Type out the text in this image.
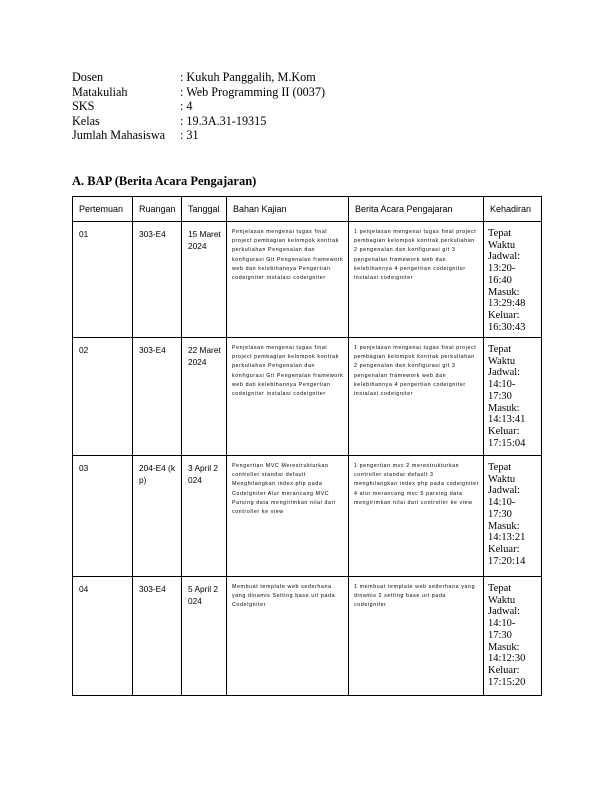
Dosen	: Kukuh Panggalih, M.Kom
Matakuliah	: Web Programming II (0037)
SKS	: 4
Kelas	: 19.3A.31-19315
Jumlah Mahasiswa	: 31
A. BAP (Berita Acara Pengajaran)
Pertemuan	Ruangan	Tanggal	Bahan Kajian	Berita Acara Pengajaran	Kehadiran
01	303-E4	15 Maret 2024	Penjelasan mengenai tugas final project pembagian kelompok kontrak perkuliahan Pengenalan dan konfigurasi Git Pengenalan framework web dan kelebihannya Pengertian codeigniter instalasi codeigniter	1 penjelasan mengenai tugas final project pembagian kelompok kontrak perkuliahan 2 pengenalan dan konfigurasi git 3 pengenalan framework web dan kelebihannya 4 pengertian codeigniter instalasi codeigniter	Tepat Waktu Jadwal: 13:20-16:40 Masuk: 13:29:48 Keluar: 16:30:43
02	303-E4	22 Maret 2024	Penjelasan mengenai tugas final project pembagian kelompok kontrak perkuliahan Pengenalan dan konfigurasi Git Pengenalan framework web dan kelebihannya Pengertian codeigniter instalasi codeigniter	1 penjelasan mengenai tugas final project pembagian kelompok kontrak perkuliahan 2 pengenalan dan konfigurasi git 3 pengenalan framework web dan kelebihannya 4 pengertian codeigniter instalasi codeigniter	Tepat Waktu Jadwal: 14:10-17:30 Masuk: 14:13:41 Keluar: 17:15:04
03	204-E4 (kp)	3 April 2024	Pengertian MVC Merestrukturkan controller standar default Menghilangkan index php pada CodeIgniter Alur merancang MVC Parsing data mengirimkan nilai dari controller ke view	1 pengertian mvc 2 merestrukturkan controller standar default 3 menghilangkan index php pada codeigniter 4 alur merancang mvc 5 parsing data mengirimkan nilai dari controller ke view	Tepat Waktu Jadwal: 14:10-17:30 Masuk: 14:13:21 Keluar: 17:20:14
04	303-E4	5 April 2024	Membuat template web sederhana yang dinamis Setting base url pada CodeIgniter	1 membuat template web sederhana yang dinamis 2 setting base url pada codeigniter	Tepat Waktu Jadwal: 14:10-17:30 Masuk: 14:12:30 Keluar: 17:15:20
